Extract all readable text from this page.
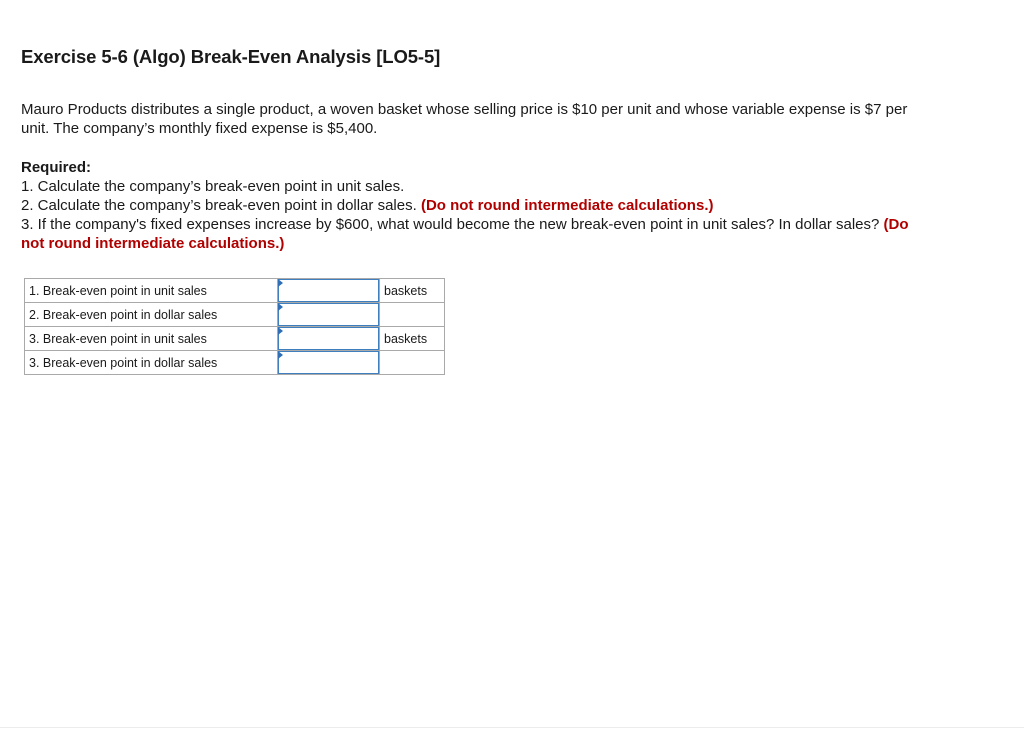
Exercise 5-6 (Algo) Break-Even Analysis [LO5-5]
Mauro Products distributes a single product, a woven basket whose selling price is $10 per unit and whose variable expense is $7 per
unit. The company’s monthly fixed expense is $5,400.
Required:
1. Calculate the company’s break-even point in unit sales.
2. Calculate the company’s break-even point in dollar sales. (Do not round intermediate calculations.)
3. If the company's fixed expenses increase by $600, what would become the new break-even point in unit sales? In dollar sales? (Do
not round intermediate calculations.)
1. Break-even point in unit sales		baskets
2. Break-even point in dollar sales	

3. Break-even point in unit sales		baskets
3. Break-even point in dollar sales	
